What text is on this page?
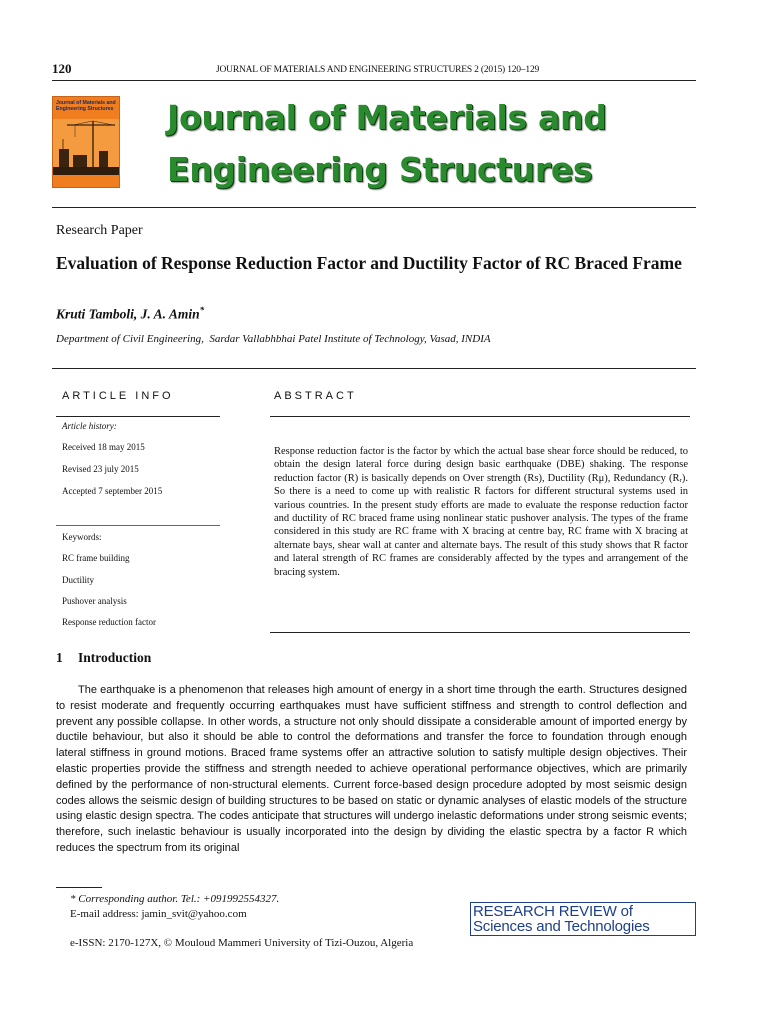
120	JOURNAL OF MATERIALS AND ENGINEERING STRUCTURES 2 (2015) 120–129
Journal of Materials and Engineering Structures Journal of Materials and
Engineering Structures
Research Paper
Evaluation of Response Reduction Factor and Ductility Factor of RC Braced Frame
Kruti Tamboli, J. A. Amin*
Department of Civil Engineering,  Sardar Vallabhbhai Patel Institute of Technology, Vasad, INDIA
ARTICLE INFO
Article history:
Received 18 may 2015
Revised 23 july 2015
Accepted 7 september 2015
Keywords:
RC frame building
Ductility
Pushover analysis
Response reduction factor
ABSTRACT
Response reduction factor is the factor by which the actual base shear force should be reduced, to obtain the design lateral force during design basic earthquake (DBE) shaking. The response reduction factor (R) is basically depends on Over strength (Rs), Ductility (Rμ), Redundancy (Rᵣ). So there is a need to come up with realistic R factors for different structural systems used in various countries. In the present study efforts are made to evaluate the response reduction factor and ductility of RC braced frame using nonlinear static pushover analysis. The types of the frame considered in this study are RC frame with X bracing at centre bay, RC frame with X bracing at alternate bays, shear wall at canter and alternate bays. The result of this study shows that R factor and lateral strength of RC frames are considerably affected by the types and arrangement of the bracing system.
1 Introduction
The earthquake is a phenomenon that releases high amount of energy in a short time through the earth. Structures designed to resist moderate and frequently occurring earthquakes must have sufficient stiffness and strength to control deflection and prevent any possible collapse. In other words, a structure not only should dissipate a considerable amount of imported energy by ductile behaviour, but also it should be able to control the deformations and transfer the force to foundation through enough lateral stiffness in ground motions. Braced frame systems offer an attractive solution to satisfy multiple design objectives. Their elastic properties provide the stiffness and strength needed to achieve operational performance objectives, which are primarily defined by the performance of non-structural elements. Current force-based design procedure adopted by most seismic design codes allows the seismic design of building structures to be based on static or dynamic analyses of elastic models of the structure using elastic design spectra. The codes anticipate that structures will undergo inelastic deformations under strong seismic events; therefore, such inelastic behaviour is usually incorporated into the design by dividing the elastic spectra by a factor R which reduces the spectrum from its original
* Corresponding author. Tel.: +0919925543​27.
E-mail address: jamin_svit@yahoo.com
e-ISSN: 2170-127X, © Mouloud Mammeri University of Tizi-Ouzou, Algeria
RESEARCH REVIEW of
Sciences and Technologies
